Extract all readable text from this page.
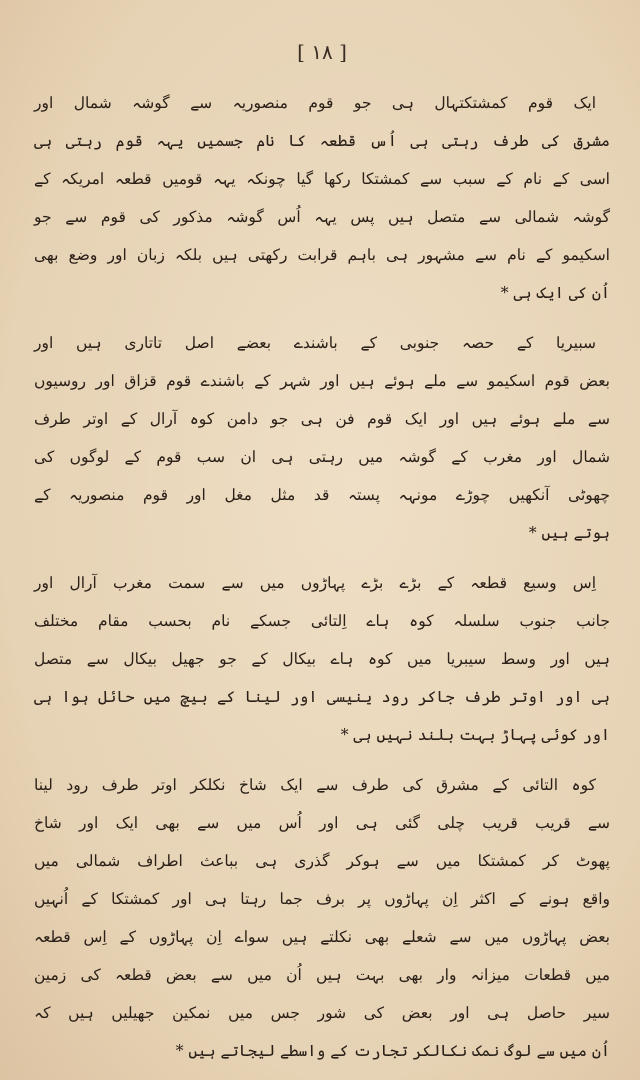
[ ١٨ ]
ایک قوم کمشتکتہال ہی جو قوم منصوریہ سے گوشہ شمال اور
مشرق کی طرف رہتی ہی اُس قطعہ کا نام جسمیں یہہ قوم رہتی ہی
اسی کے نام کے سبب سے کمشتکا رکھا گیا چونکہ یہہ قومیں قطعہ امریکہ کے
گوشہ شمالی سے متصل ہیں پس یہہ اُس گوشہ مذکور کی قوم سے جو
اسکیمو کے نام سے مشہور ہی باہم قرابت رکھتی ہیں بلکہ زبان اور وضع بھی
اُن کی ایک ہی *
سبیریا کے حصہ جنوبی کے باشندے بعضے اصل تاتاری ہیں اور
بعض قوم اسکیمو سے ملے ہوئے ہیں اور شہر کے باشندے قوم قزاق اور روسیوں
سے ملے ہوئے ہیں اور ایک قوم فن ہی جو دامن کوہ آرال کے اوتر طرف
شمال اور مغرب کے گوشہ میں رہتی ہی ان سب قوم کے لوگوں کی
چھوٹی آنکھیں چوڑے مونہہ پستہ قد مثل مغل اور قوم منصوریہ کے
ہوتے ہیں *
اِس وسیع قطعہ کے بڑے بڑے پہاڑوں میں سے سمت مغرب آرال اور
جانب جنوب سلسلہ کوہ ہاے اِلتائی جسکے نام بحسب مقام مختلف
ہیں اور وسط سیبریا میں کوہ ہاے بیکال کے جو جھیل بیکال سے متصل
ہی اور اوتر طرف جاکر رود ینیسی اور لینا کے بیچ میں حائل ہوا ہی
اور کوئی پہاڑ بہت بلند نہیں ہی *
کوہ التائی کے مشرق کی طرف سے ایک شاخ نکلکر اوتر طرف رود لینا
سے قریب قریب چلی گئی ہی اور اُس میں سے بھی ایک اور شاخ
پھوٹ کر کمشتکا میں سے ہوکر گذری ہی بباعث اطراف شمالی میں
واقع ہونے کے اکثر اِن پہاڑوں پر برف جما رہتا ہی اور کمشتکا کے اُنہیں
بعض پہاڑوں میں سے شعلے بھی نکلتے ہیں سواے اِن پہاڑوں کے اِس قطعہ
میں قطعات میزانہ وار بھی بہت ہیں اُن میں سے بعض قطعہ کی زمین
سیر حاصل ہی اور بعض کی شور جس میں نمکین جھیلیں ہیں کہ
اُن میں سے لوگ نمک نکالکر تجارت کے واسطے لیجاتے ہیں *
